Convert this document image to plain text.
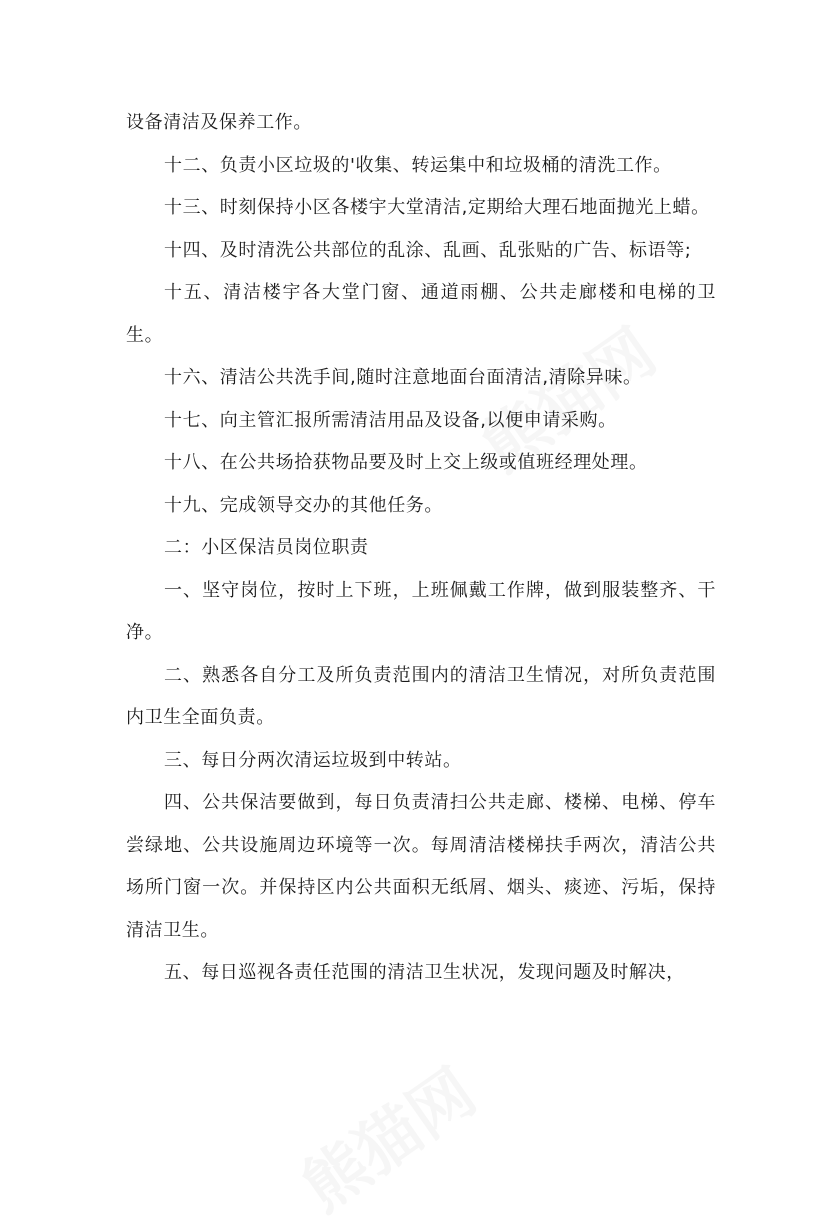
设备清洁及保养工作。

十二、负责小区垃圾的'收集、转运集中和垃圾桶的清洗工作。

十三、时刻保持小区各楼宇大堂清洁,定期给大理石地面抛光上蜡。

十四、及时清洗公共部位的乱涂、乱画、乱张贴的广告、标语等;

十五、清洁楼宇各大堂门窗、通道雨棚、公共走廊楼和电梯的卫生。

十六、清洁公共洗手间,随时注意地面台面清洁,清除异味。

十七、向主管汇报所需清洁用品及设备,以便申请采购。

十八、在公共场拾获物品要及时上交上级或值班经理处理。

十九、完成领导交办的其他任务。

二：小区保洁员岗位职责

一、坚守岗位，按时上下班，上班佩戴工作牌，做到服装整齐、干净。

二、熟悉各自分工及所负责范围内的清洁卫生情况，对所负责范围内卫生全面负责。

三、每日分两次清运垃圾到中转站。

四、公共保洁要做到，每日负责清扫公共走廊、楼梯、电梯、停车尝绿地、公共设施周边环境等一次。每周清洁楼梯扶手两次，清洁公共场所门窗一次。并保持区内公共面积无纸屑、烟头、痰迹、污垢，保持清洁卫生。

五、每日巡视各责任范围的清洁卫生状况，发现问题及时解决，
